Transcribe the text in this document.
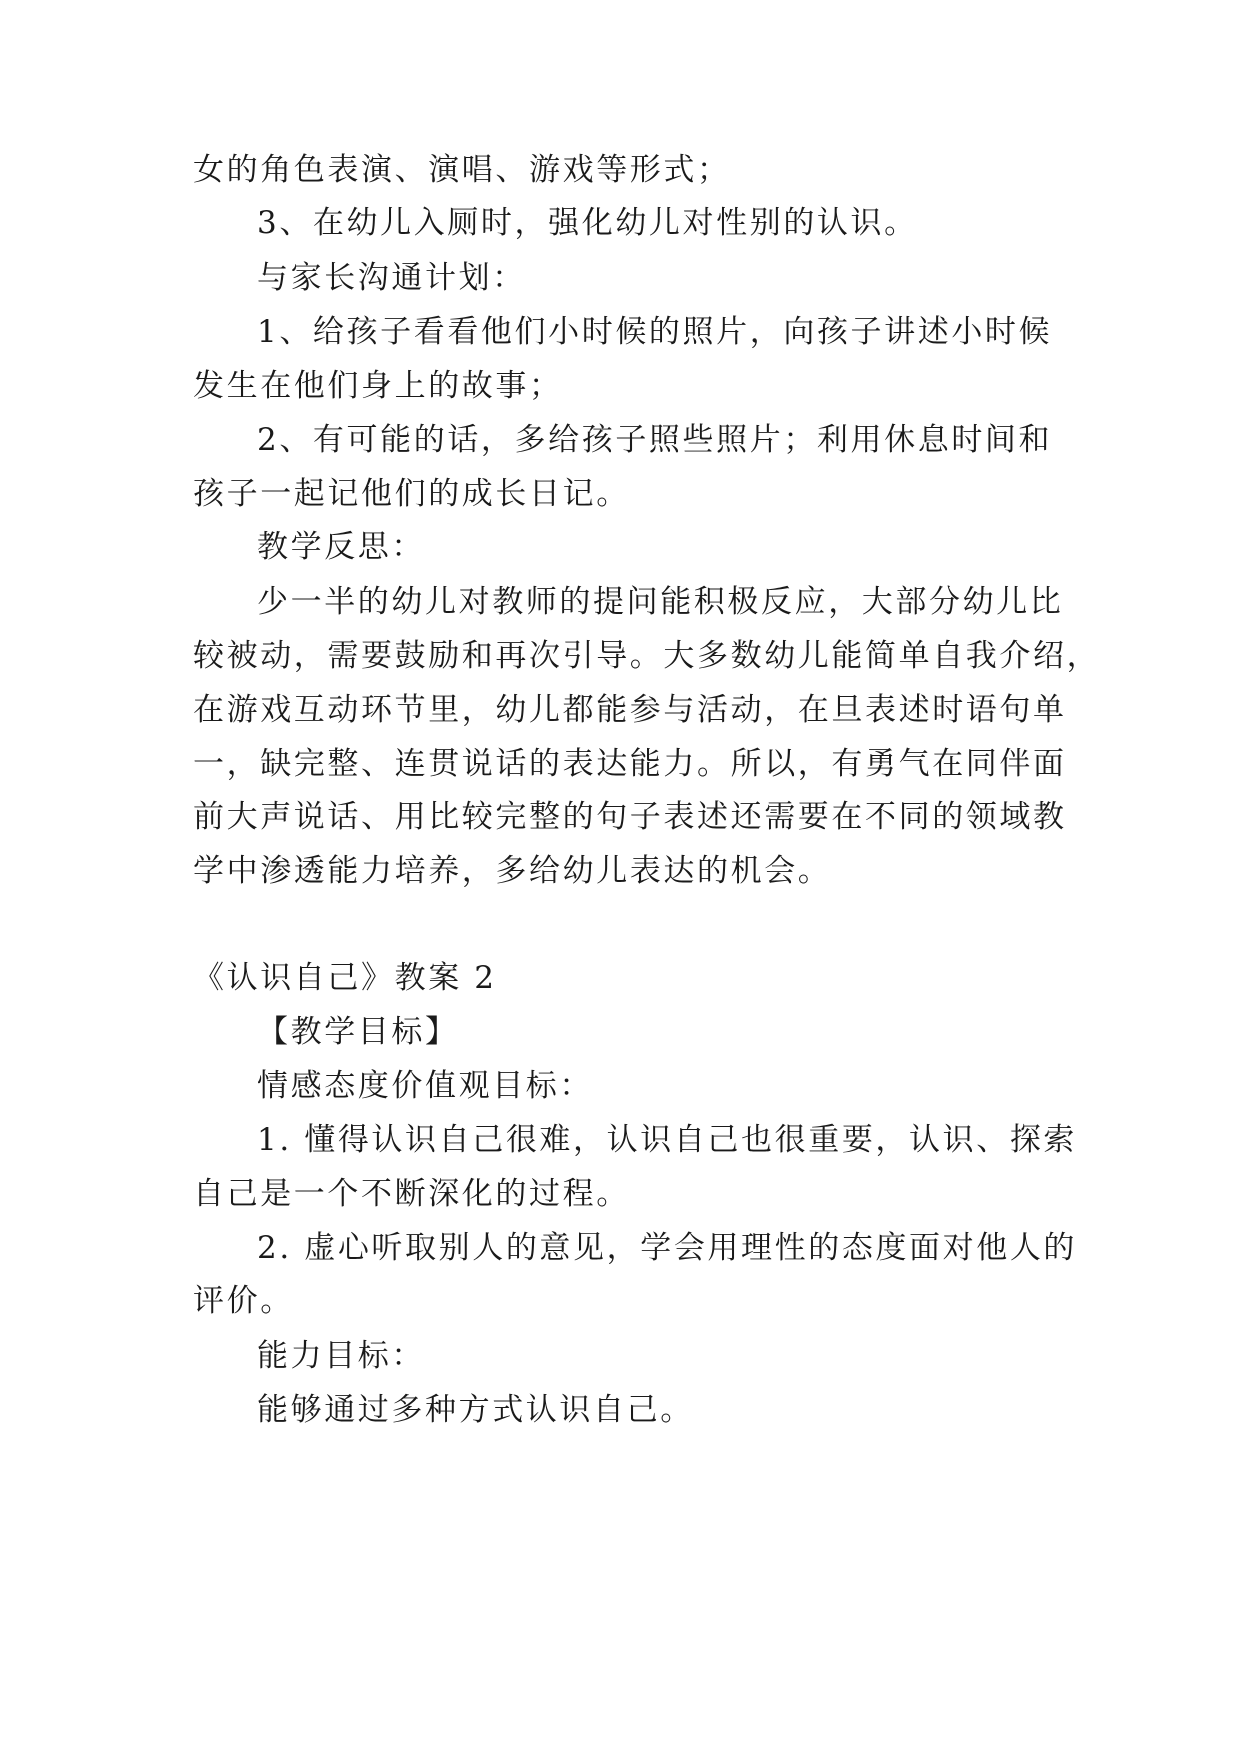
女的角色表演、演唱、游戏等形式；
3、在幼儿入厕时，强化幼儿对性别的认识。
与家长沟通计划：
1、给孩子看看他们小时候的照片，向孩子讲述小时候
发生在他们身上的故事；
2、有可能的话，多给孩子照些照片；利用休息时间和
孩子一起记他们的成长日记。
教学反思：
少一半的幼儿对教师的提问能积极反应，大部分幼儿比
较被动，需要鼓励和再次引导。大多数幼儿能简单自我介绍，
在游戏互动环节里，幼儿都能参与活动，在旦表述时语句单
一，缺完整、连贯说话的表达能力。所以，有勇气在同伴面
前大声说话、用比较完整的句子表述还需要在不同的领域教
学中渗透能力培养，多给幼儿表达的机会。
《认识自己》教案 2
【教学目标】
情感态度价值观目标：
1. 懂得认识自己很难，认识自己也很重要，认识、探索
自己是一个不断深化的过程。
2. 虚心听取别人的意见，学会用理性的态度面对他人的
评价。
能力目标：
能够通过多种方式认识自己。
